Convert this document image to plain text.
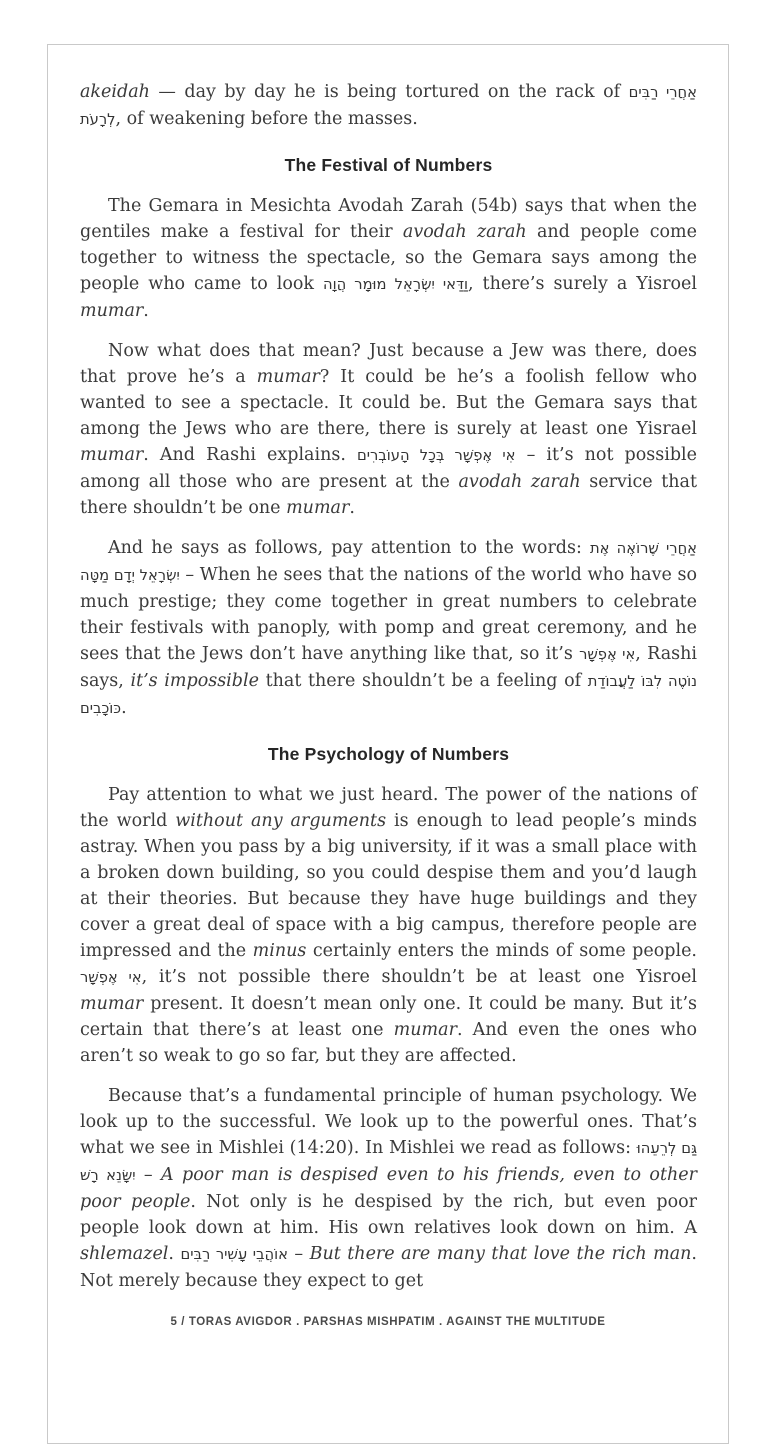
akeidah — day by day he is being tortured on the rack of אַחֲרֵי רַבִּים לְרָעֹת, of weakening before the masses.

The Festival of Numbers

The Gemara in Mesichta Avodah Zarah (54b) says that when the gentiles make a festival for their avodah zarah and people come together to witness the spectacle, so the Gemara says among the people who came to look וַדַּאי יִשְׂרָאֵל מוּמָר הֲוָה, there’s surely a Yisroel mumar.

Now what does that mean? Just because a Jew was there, does that prove he’s a mumar? It could be he’s a foolish fellow who wanted to see a spectacle. It could be. But the Gemara says that among the Jews who are there, there is surely at least one Yisrael mumar. And Rashi explains. אִי אֶפְשָׁר בְּכָל הָעוֹבְרִים – it’s not possible among all those who are present at the avodah zarah service that there shouldn’t be one mumar.

And he says as follows, pay attention to the words: אַחֲרֵי שֶׁרוֹאֶה אֶת יִשְׂרָאֵל יְדָם מַטָּה – When he sees that the nations of the world who have so much prestige; they come together in great numbers to celebrate their festivals with panoply, with pomp and great ceremony, and he sees that the Jews don’t have anything like that, so it’s אִי אֶפְשָׁר, Rashi says, it’s impossible that there shouldn’t be a feeling of נוֹטֶה לִבּוֹ לַעֲבוֹדַת כּוֹכָבִים.

The Psychology of Numbers

Pay attention to what we just heard. The power of the nations of the world without any arguments is enough to lead people’s minds astray. When you pass by a big university, if it was a small place with a broken down building, so you could despise them and you’d laugh at their theories. But because they have huge buildings and they cover a great deal of space with a big campus, therefore people are impressed and the minus certainly enters the minds of some people. אִי אֶפְשָׁר, it’s not possible there shouldn’t be at least one Yisroel mumar present. It doesn’t mean only one. It could be many. But it’s certain that there’s at least one mumar. And even the ones who aren’t so weak to go so far, but they are affected.

Because that’s a fundamental principle of human psychology. We look up to the successful. We look up to the powerful ones. That’s what we see in Mishlei (14:20). In Mishlei we read as follows: גַּם לְרֵעֵהוּ יִשָּׂנֵא רָשׁ – A poor man is despised even to his friends, even to other poor people. Not only is he despised by the rich, but even poor people look down at him. His own relatives look down on him. A shlemazel. אוֹהֲבֵי עָשִׁיר רַבִּים – But there are many that love the rich man. Not merely because they expect to get

5 / TORAS AVIGDOR . PARSHAS MISHPATIM . AGAINST THE MULTITUDE
